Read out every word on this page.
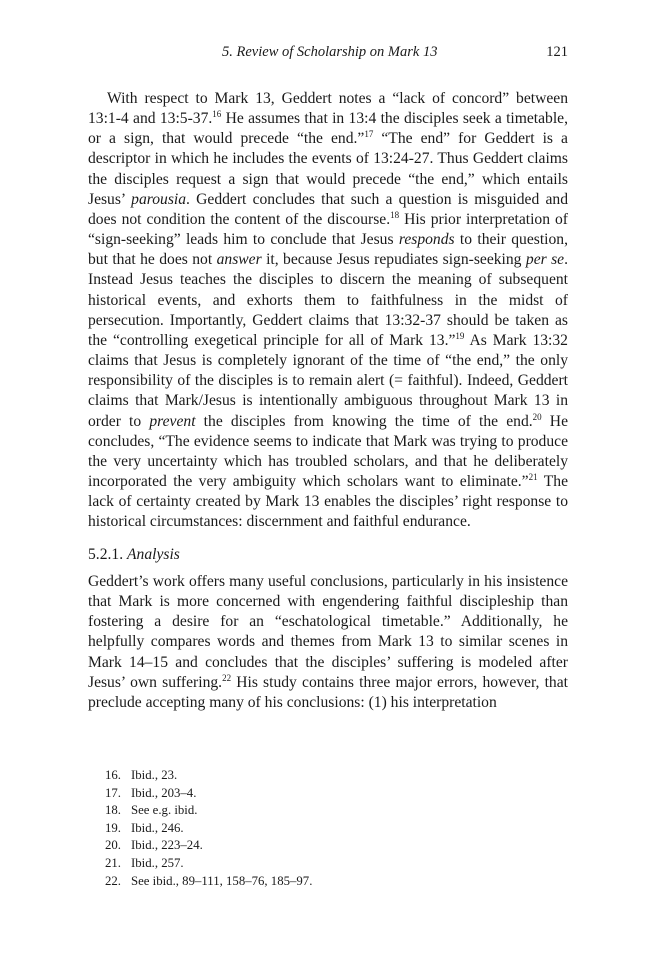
5. Review of Scholarship on Mark 13	121

With respect to Mark 13, Geddert notes a “lack of concord” between 13:1-4 and 13:5-37.16 He assumes that in 13:4 the disciples seek a timetable, or a sign, that would precede “the end.”$^{17}$ “The end” for Geddert is a descriptor in which he includes the events of 13:24-27. Thus Geddert claims the disciples request a sign that would precede “the end,” which entails Jesus’ parousia. Geddert concludes that such a question is misguided and does not condition the content of the discourse.$^{18}$ His prior interpretation of “sign-seeking” leads him to conclude that Jesus responds to their question, but that he does not answer it, because Jesus repudiates sign-seeking per se. Instead Jesus teaches the disciples to discern the meaning of subsequent historical events, and exhorts them to faithfulness in the midst of persecution. Importantly, Geddert claims that 13:32-37 should be taken as the “controlling exegetical principle for all of Mark 13.”$^{19}$ As Mark 13:32 claims that Jesus is completely ignorant of the time of “the end,” the only responsibility of the disciples is to remain alert (= faithful). Indeed, Geddert claims that Mark/Jesus is intentionally ambiguous throughout Mark 13 in order to prevent the disciples from knowing the time of the end.$^{20}$ He concludes, “The evidence seems to indicate that Mark was trying to produce the very uncertainty which has troubled scholars, and that he deliberately incorporated the very ambiguity which scholars want to eliminate.”$^{21}$ The lack of certainty created by Mark 13 enables the disciples’ right response to historical circumstances: discernment and faithful endurance.

5.2.1. Analysis

Geddert’s work offers many useful conclusions, particularly in his insistence that Mark is more concerned with engendering faithful discipleship than fostering a desire for an “eschatological timetable.” Additionally, he helpfully compares words and themes from Mark 13 to similar scenes in Mark 14–15 and concludes that the disciples’ suffering is modeled after Jesus’ own suffering.$^{22}$ His study contains three major errors, however, that preclude accepting many of his conclusions: (1) his interpretation

16. Ibid., 23.
17. Ibid., 203–4.
18. See e.g. ibid.
19. Ibid., 246.
20. Ibid., 223–24.
21. Ibid., 257.
22. See ibid., 89–111, 158–76, 185–97.
